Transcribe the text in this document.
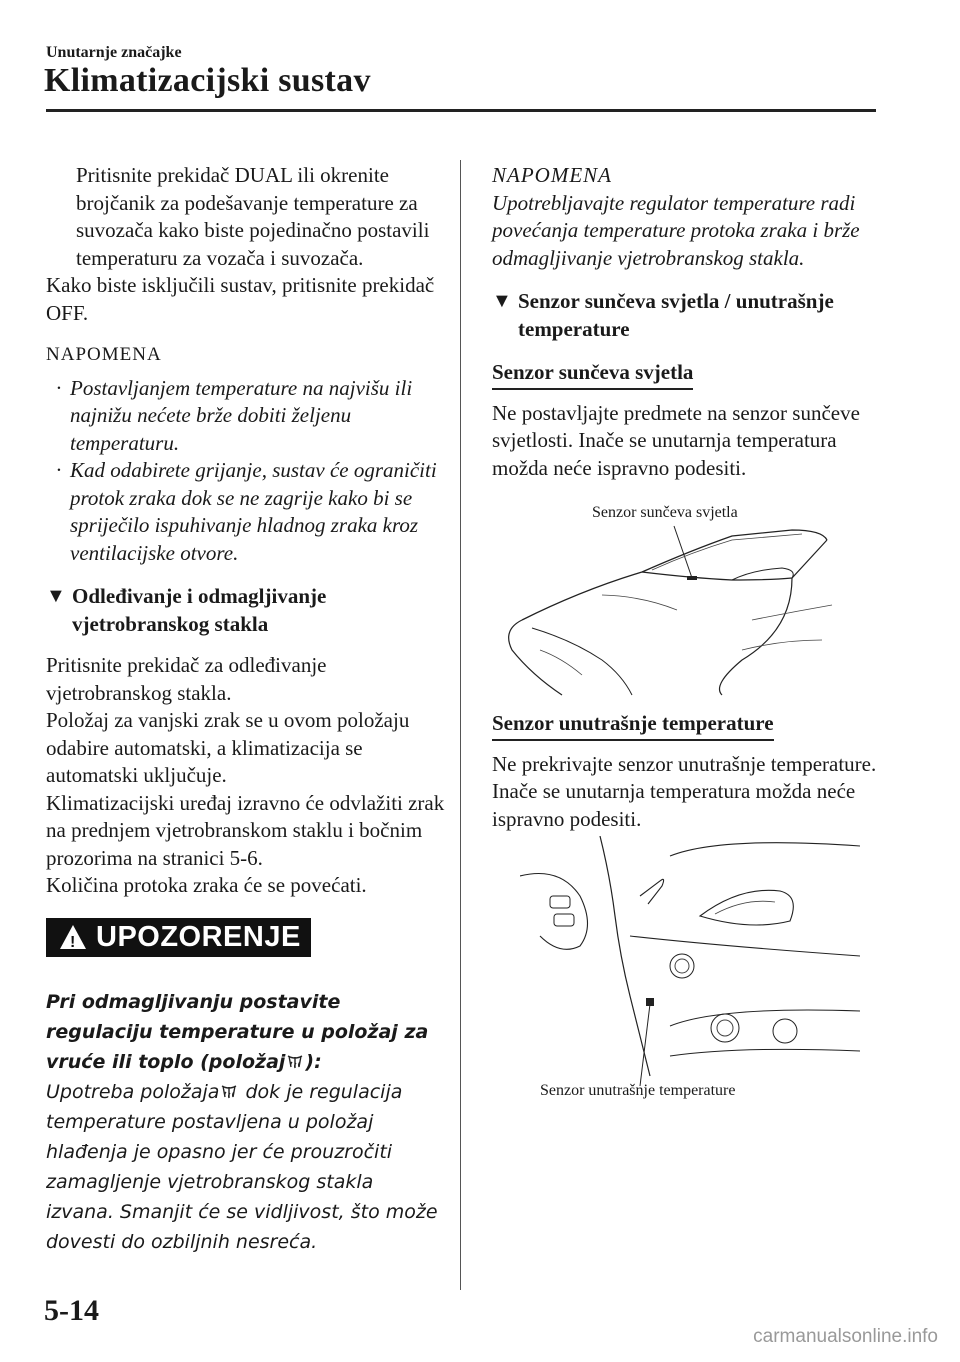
Unutarnje značajke
Klimatizacijski sustav

Pritisnite prekidač DUAL ili okrenite brojčanik za podešavanje temperature za suvozača kako biste pojedinačno postavili temperaturu za vozača i suvozača.

Kako biste isključili sustav, pritisnite prekidač OFF.

NAPOMENA

· Postavljanjem temperature na najvišu ili najnižu nećete brže dobiti željenu temperaturu.
· Kad odabirete grijanje, sustav će ograničiti protok zraka dok se ne zagrije kako bi se spriječilo ispuhivanje hladnog zraka kroz ventilacijske otvore.

▼ Odleđivanje i odmagljivanje vjetrobranskog stakla

Pritisnite prekidač za odleđivanje vjetrobranskog stakla.

Položaj za vanjski zrak se u ovom položaju odabire automatski, a klimatizacija se automatski uključuje.

Klimatizacijski uređaj izravno će odvlažiti zrak na prednjem vjetrobranskom staklu i bočnim prozorima na stranici 5-6.

Količina protoka zraka će se povećati.

! UPOZORENJE

Pri odmagljivanju postavite regulaciju temperature u položaj za vruće ili toplo (položaj ):
Upotreba položaja dok je regulacija temperature postavljena u položaj hlađenja je opasno jer će prouzročiti zamagljenje vjetrobranskog stakla izvana. Smanjit će se vidljivost, što može dovesti do ozbiljnih nesreća.

NAPOMENA

Upotrebljavajte regulator temperature radi povećanja temperature protoka zraka i brže odmagljivanje vjetrobranskog stakla.

▼ Senzor sunčeva svjetla / unutrašnje temperature

Senzor sunčeva svjetla

Ne postavljajte predmete na senzor sunčeve svjetlosti. Inače se unutarnja temperatura možda neće ispravno podesiti.

Senzor sunčeva svjetla
Senzor unutrašnje temperature

Ne prekrivajte senzor unutrašnje temperature. Inače se unutarnja temperatura možda neće ispravno podesiti.

Senzor unutrašnje temperature
5-14
carmanualsonline.info
